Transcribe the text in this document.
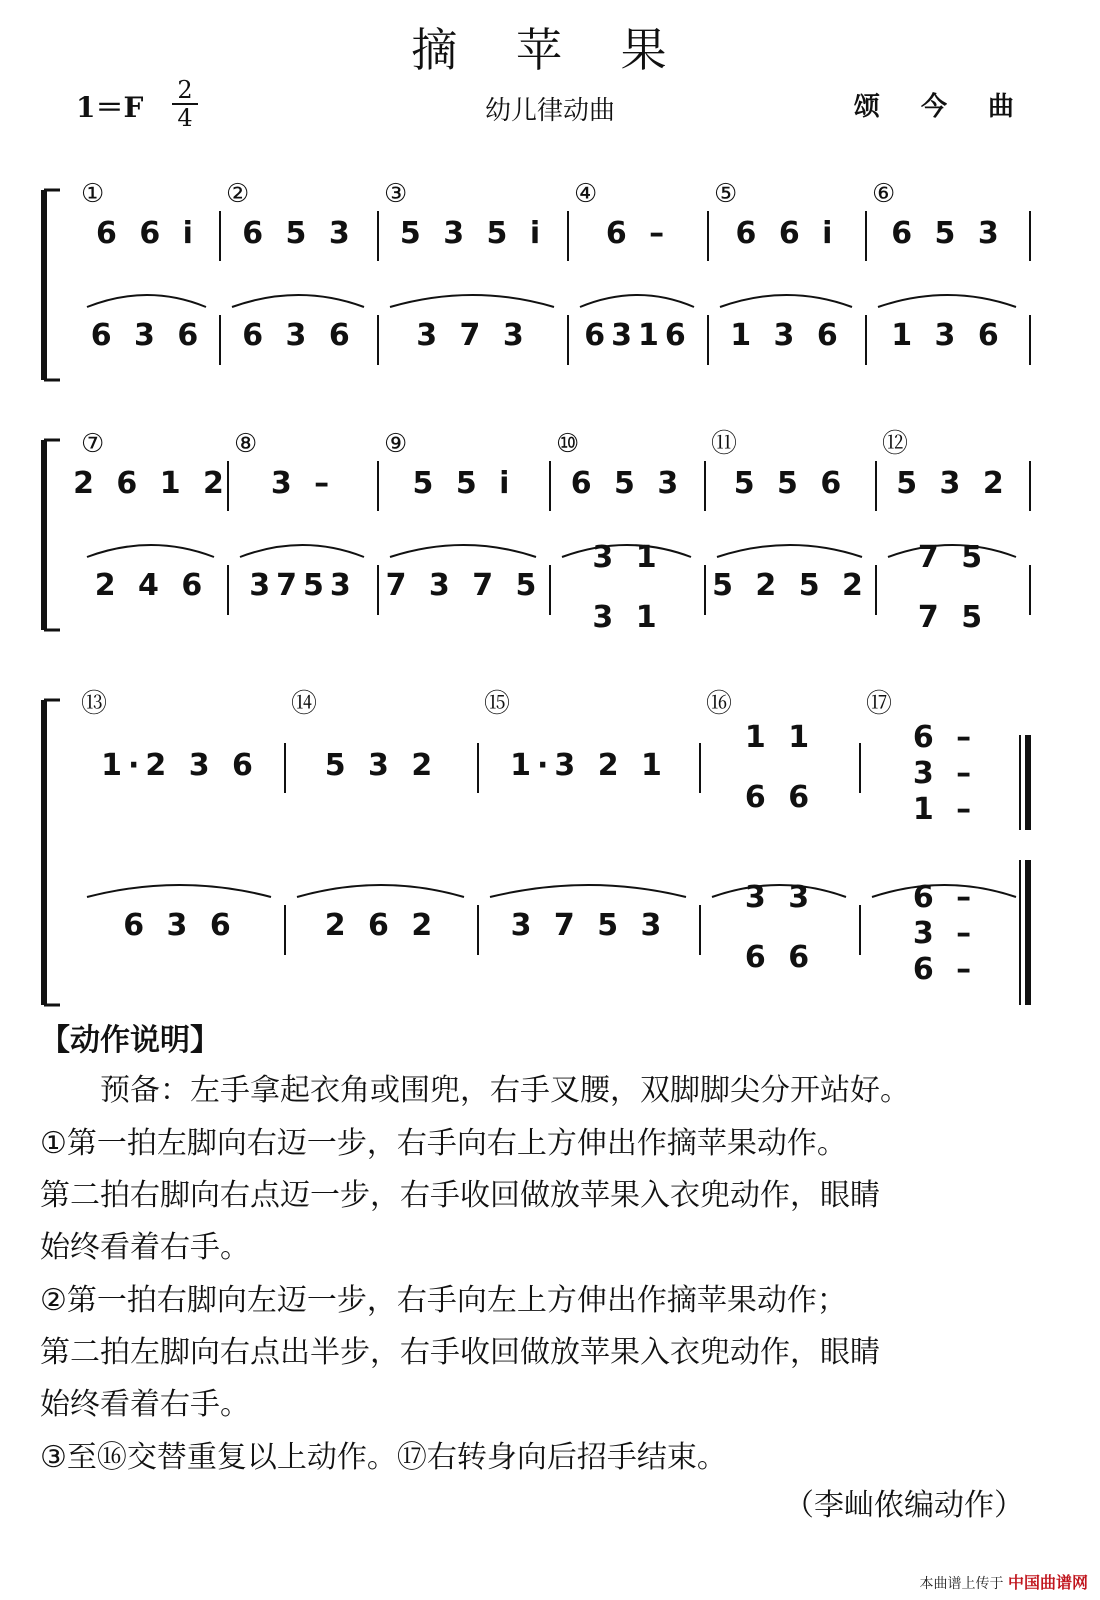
摘 苹 果
1＝F
2
4	幼儿律动曲	颂 今 曲
①
6 6 i
6 3 6
②
6 5 3
6 3 6
③
5 3 5 i
3 7 3
④
6 –
6316
⑤
6 6 i
1 3 6
⑥
6 5 3
1 3 6
⑦
2 6 1 2
2 4 6
⑧
3 –
3753
⑨
5 5 i
7 3 7 5
⑩
6 5 3
3 1
3 1
⑪
5 5 6
5 2 5 2
⑫
5 3 2
7 5
7 5
⑬
1·2 3 6
6 3 6
⑭
5 3 2
2 6 2
⑮
1·3 2 1
3 7 5 3
⑯
1 1
6 6
3 3
6 6
⑰
6 –
3 –
1 –
6 –
3 –
6 –
【动作说明】
预备：左手拿起衣角或围兜，右手叉腰，双脚脚尖分开站好。
①第一拍左脚向右迈一步，右手向右上方伸出作摘苹果动作。
第二拍右脚向右点迈一步，右手收回做放苹果入衣兜动作，眼睛
始终看着右手。
②第一拍右脚向左迈一步，右手向左上方伸出作摘苹果动作；
第二拍左脚向右点出半步，右手收回做放苹果入衣兜动作，眼睛
始终看着右手。
③至⑯交替重复以上动作。⑰右转身向后招手结束。
（李屾侬编动作）
本曲谱上传于 中国曲谱网
